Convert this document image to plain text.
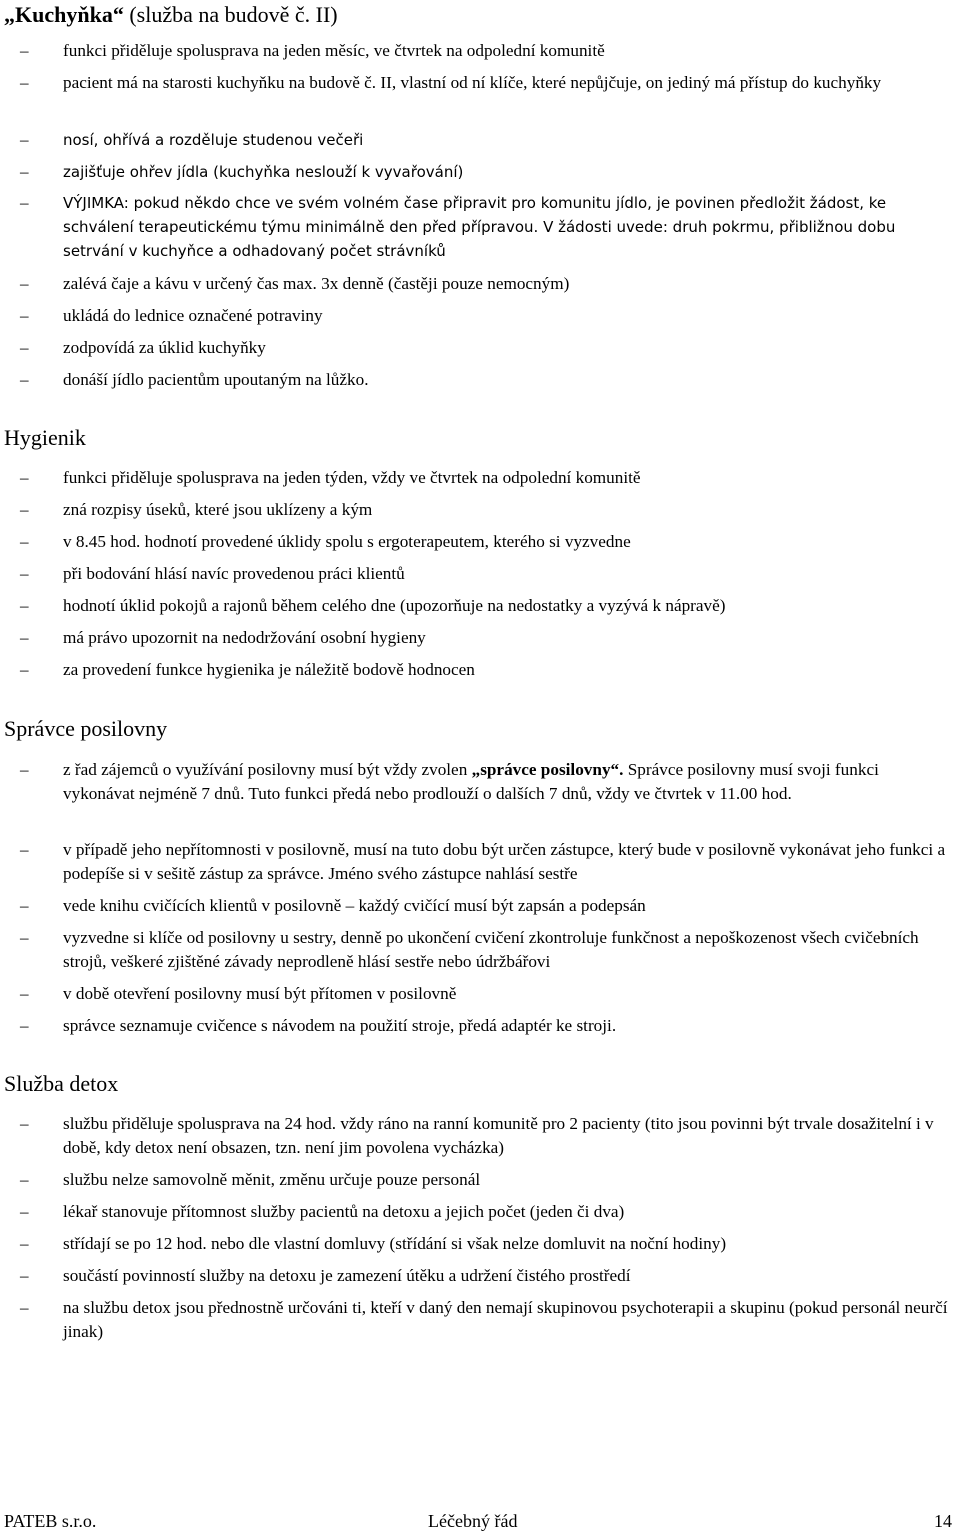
„Kuchyňka“ (služba na budově č. II)
–	funkci přiděluje spolusprava na jeden měsíc, ve čtvrtek na odpolední komunitě
–	pacient má na starosti kuchyňku na budově č. II, vlastní od ní klíče, které nepůjčuje, on jediný má přístup do kuchyňky
–	nosí, ohřívá a rozděluje studenou večeři
–	zajišťuje ohřev jídla (kuchyňka neslouží k vyvařování)
–	VÝJIMKA: pokud někdo chce ve svém volném čase připravit pro komunitu jídlo, je povinen předložit žádost, ke schválení terapeutickému týmu minimálně den před přípravou. V žádosti uvede: druh pokrmu, přibližnou dobu setrvání v kuchyňce a odhadovaný počet strávníků
–	zalévá čaje a kávu v určený čas max. 3x denně (častěji pouze nemocným)
–	ukládá do lednice označené potraviny
–	zodpovídá za úklid kuchyňky
–	donáší jídlo pacientům upoutaným na lůžko.
Hygienik
–	funkci přiděluje spolusprava na jeden týden, vždy ve čtvrtek na odpolední komunitě
–	zná rozpisy úseků, které jsou uklízeny a kým
–	v 8.45 hod. hodnotí provedené úklidy spolu s ergoterapeutem, kterého si vyzvedne
–	při bodování hlásí navíc provedenou práci klientů
–	hodnotí úklid pokojů a rajonů během celého dne (upozorňuje na nedostatky a vyzývá k nápravě)
–	má právo upozornit na nedodržování osobní hygieny
–	za provedení funkce hygienika je náležitě bodově hodnocen
Správce posilovny
–	z řad zájemců o využívání posilovny musí být vždy zvolen „správce posilovny“. Správce posilovny musí svoji funkci vykonávat nejméně 7 dnů. Tuto funkci předá nebo prodlouží o dalších 7 dnů, vždy ve čtvrtek v 11.00 hod.
–	v případě jeho nepřítomnosti v posilovně, musí na tuto dobu být určen zástupce, který bude v posilovně vykonávat jeho funkci a podepíše si v sešitě zástup za správce. Jméno svého zástupce nahlásí sestře
–	vede knihu cvičících klientů v posilovně – každý cvičící musí být zapsán a podepsán
–	vyzvedne si klíče od posilovny u sestry, denně po ukončení cvičení zkontroluje funkčnost a nepoškozenost všech cvičebních strojů, veškeré zjištěné závady neprodleně hlásí sestře nebo údržbářovi
–	v době otevření posilovny musí být přítomen v posilovně
–	správce seznamuje cvičence s návodem na použití stroje, předá adaptér ke stroji.
Služba detox
–	službu přiděluje spolusprava na 24 hod. vždy ráno na ranní komunitě pro 2 pacienty (tito jsou povinni být trvale dosažitelní i v době, kdy detox není obsazen, tzn. není jim povolena vycházka)
–	službu nelze samovolně měnit, změnu určuje pouze personál
–	lékař stanovuje přítomnost služby pacientů na detoxu a jejich počet (jeden či dva)
–	střídají se po 12 hod. nebo dle vlastní domluvy (střídání si však nelze domluvit na noční hodiny)
–	součástí povinností služby na detoxu je zamezení útěku a udržení čistého prostředí
–	na službu detox jsou přednostně určováni ti, kteří v daný den nemají skupinovou psychoterapii a skupinu (pokud personál neurčí jinak)
PATEB s.r.o.	Léčebný řád	14
